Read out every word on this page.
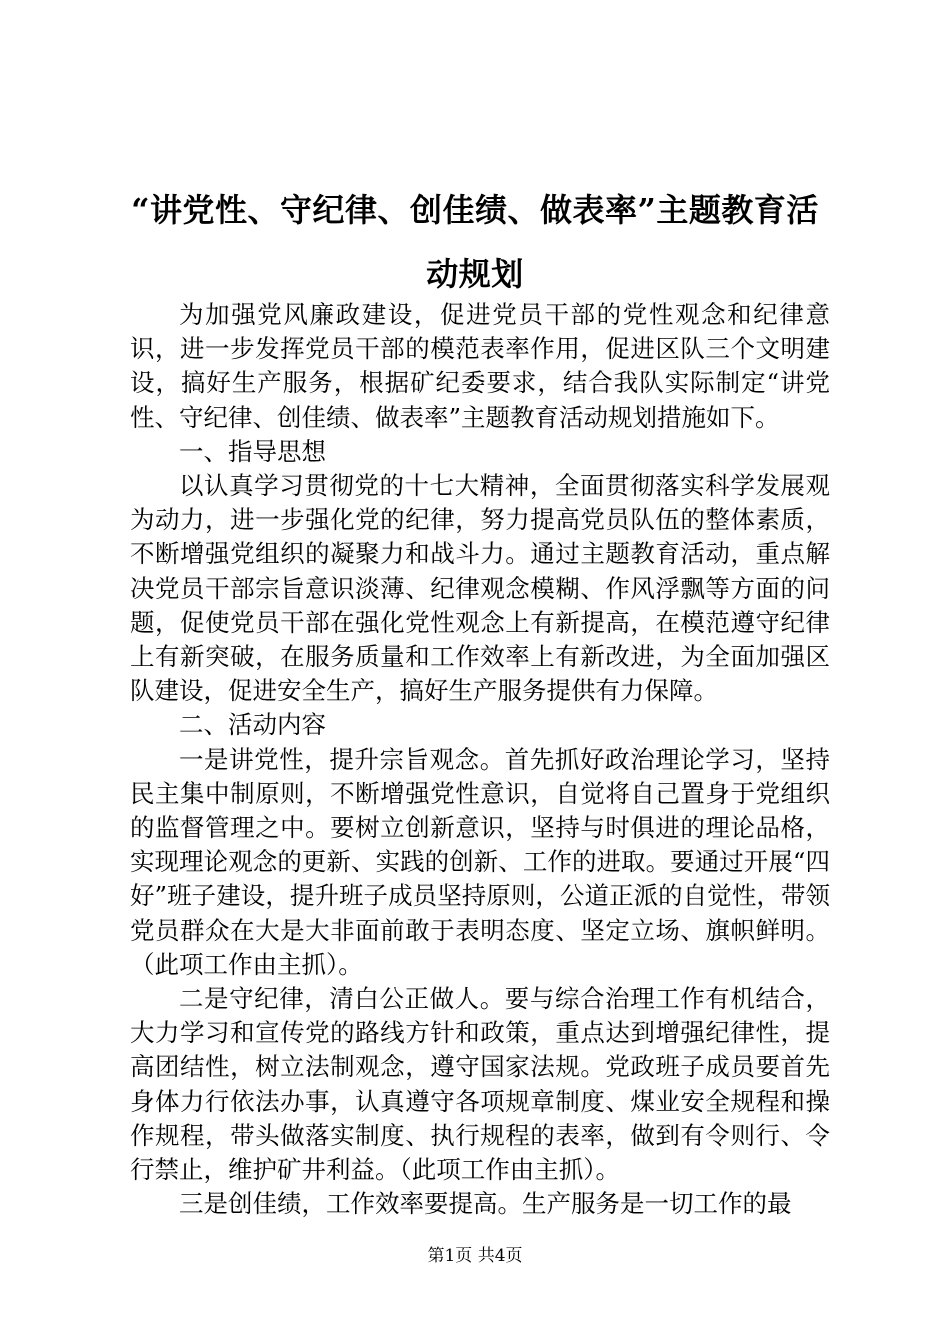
“讲党性、守纪律、创佳绩、做表率”主题教育活动规划

为加强党风廉政建设，促进党员干部的党性观念和纪律意识，进一步发挥党员干部的模范表率作用，促进区队三个文明建设，搞好生产服务，根据矿纪委要求，结合我队实际制定“讲党性、守纪律、创佳绩、做表率”主题教育活动规划措施如下。

一、指导思想

以认真学习贯彻党的十七大精神，全面贯彻落实科学发展观为动力，进一步强化党的纪律，努力提高党员队伍的整体素质，不断增强党组织的凝聚力和战斗力。通过主题教育活动，重点解决党员干部宗旨意识淡薄、纪律观念模糊、作风浮飘等方面的问题，促使党员干部在强化党性观念上有新提高，在模范遵守纪律上有新突破，在服务质量和工作效率上有新改进，为全面加强区队建设，促进安全生产，搞好生产服务提供有力保障。

二、活动内容

一是讲党性，提升宗旨观念。首先抓好政治理论学习，坚持民主集中制原则，不断增强党性意识，自觉将自己置身于党组织的监督管理之中。要树立创新意识，坚持与时俱进的理论品格，实现理论观念的更新、实践的创新、工作的进取。要通过开展“四好”班子建设，提升班子成员坚持原则，公道正派的自觉性，带领党员群众在大是大非面前敢于表明态度、坚定立场、旗帜鲜明。（此项工作由主抓）。

二是守纪律，清白公正做人。要与综合治理工作有机结合，大力学习和宣传党的路线方针和政策，重点达到增强纪律性，提高团结性，树立法制观念，遵守国家法规。党政班子成员要首先身体力行依法办事，认真遵守各项规章制度、煤业安全规程和操作规程，带头做落实制度、执行规程的表率，做到有令则行、令行禁止，维护矿井利益。（此项工作由主抓）。

三是创佳绩，工作效率要提高。生产服务是一切工作的最

第1页 共4页
